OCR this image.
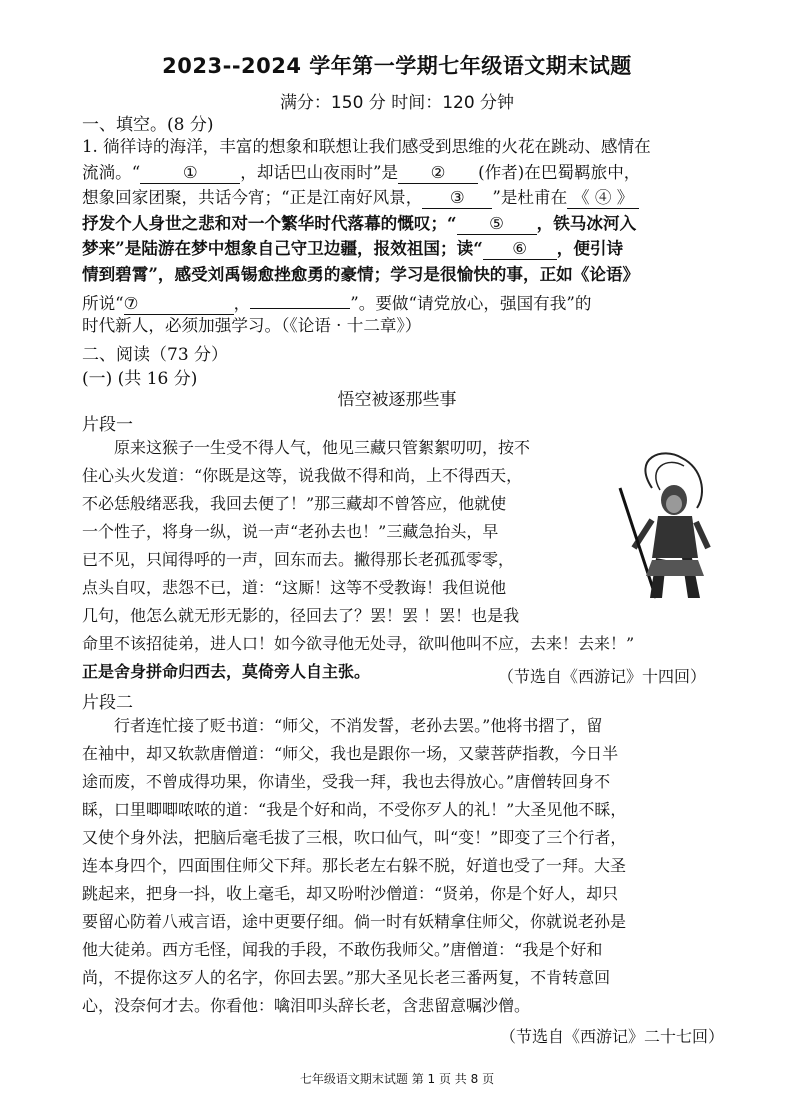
2023--2024 学年第一学期七年级语文期末试题
满分：150 分 时间：120 分钟
一、填空。(8 分)
1. 徜徉诗的海洋，丰富的想象和联想让我们感受到思维的火花在跳动、感情在
流淌。“	①	，却话巴山夜雨时”是 ② (作者)在巴蜀羁旅中，
想象回家团聚，共话今宵；“正是江南好风景， ③ ”是杜甫在 《 ④ 》
抒发个人身世之悲和对一个繁华时代落幕的慨叹；“ ⑤ ，铁马冰河入
梦来”是陆游在梦中想象自己守卫边疆，报效祖国；读“ ⑥ ，便引诗
情到碧霄”，感受刘禹锡愈挫愈勇的豪情；学习是很愉快的事，正如《论语》
所说“⑦	，	”。要做“请党放心，强国有我”的
时代新人，必须加强学习。（《论语 · 十二章》）
二、阅读（73 分）
(一) (共 16 分)
悟空被逐那些事
片段一
原来这猴子一生受不得人气，他见三藏只管絮絮叨叨，按不
住心头火发道：“你既是这等，说我做不得和尚，上不得西天，
不必恁般绪恶我，我回去便了！”那三藏却不曾答应，他就使
一个性子，将身一纵，说一声“老孙去也！”三藏急抬头，早
已不见，只闻得呼的一声，回东而去。撇得那长老孤孤零零，
点头自叹，悲怨不已，道：“这厮！这等不受教诲！我但说他
几句，他怎么就无形无影的，径回去了？罢！罢 ！罢！也是我
命里不该招徒弟，进人口！如今欲寻他无处寻，欲叫他叫不应，去来！去来！”
正是舍身拼命归西去，莫倚旁人自主张。	（节选自《西游记》十四回）
片段二
行者连忙接了贬书道：“师父，不消发誓，老孙去罢。”他将书摺了，留
在袖中，却又软款唐僧道：“师父，我也是跟你一场，又蒙菩萨指教，今日半
途而废，不曾成得功果，你请坐，受我一拜，我也去得放心。”唐僧转回身不
睬，口里唧唧哝哝的道：“我是个好和尚，不受你歹人的礼！”大圣见他不睬，
又使个身外法，把脑后毫毛拔了三根，吹口仙气，叫“变！”即变了三个行者，
连本身四个，四面围住师父下拜。那长老左右躲不脱，好道也受了一拜。大圣
跳起来，把身一抖，收上毫毛，却又吩咐沙僧道：“贤弟，你是个好人，却只
要留心防着八戒言语，途中更要仔细。倘一时有妖精拿住师父，你就说老孙是
他大徒弟。西方毛怪，闻我的手段，不敢伤我师父。”唐僧道：“我是个好和
尚，不提你这歹人的名字，你回去罢。”那大圣见长老三番两复，不肯转意回
心，没奈何才去。你看他：噙泪叩头辞长老，含悲留意嘱沙僧。
（节选自《西游记》二十七回）
七年级语文期末试题 第 1 页 共 8 页
